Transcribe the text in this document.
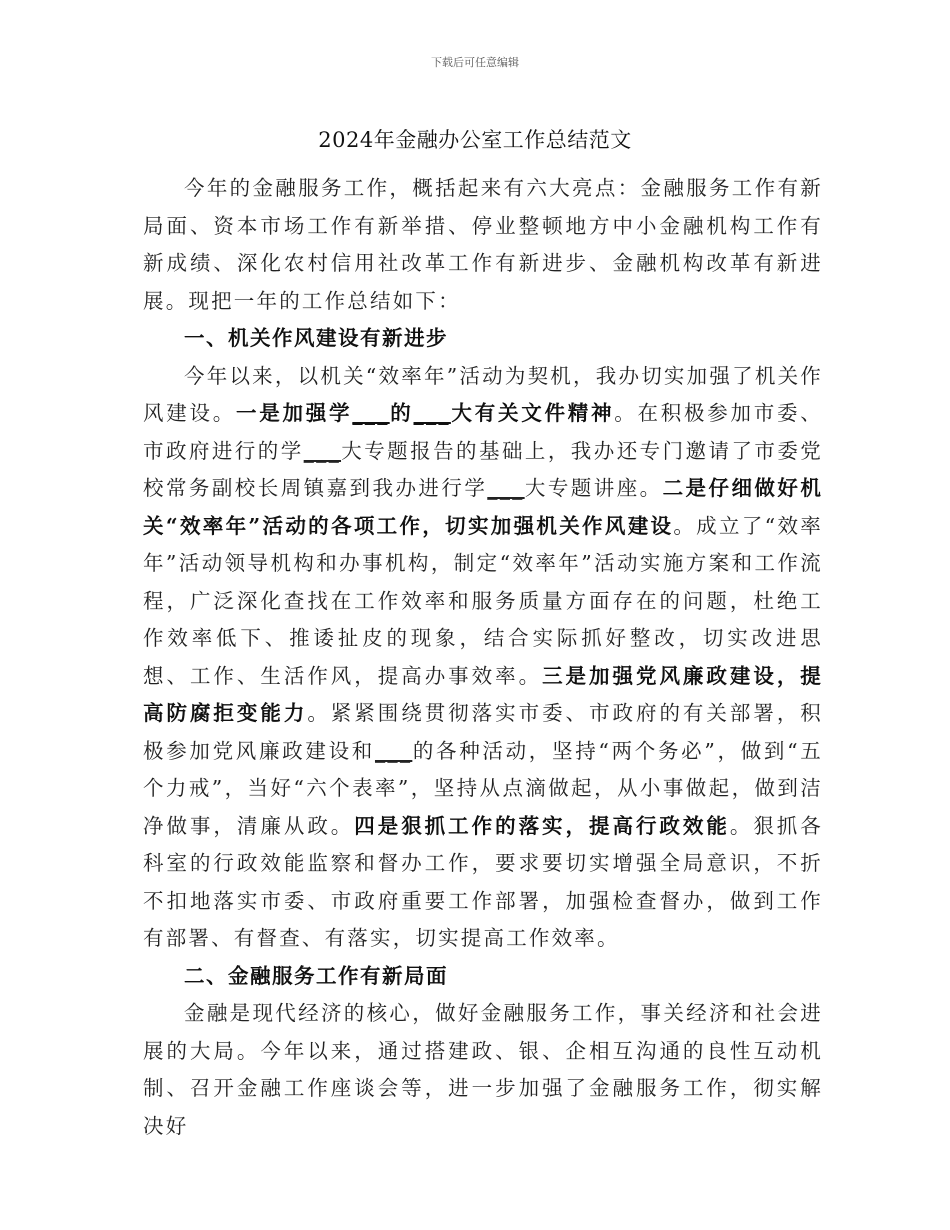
下载后可任意编辑
2024年金融办公室工作总结范文

今年的金融服务工作，概括起来有六大亮点：金融服务工作有新局面、资本市场工作有新举措、停业整顿地方中小金融机构工作有新成绩、深化农村信用社改革工作有新进步、金融机构改革有新进展。现把一年的工作总结如下：

一、机关作风建设有新进步

今年以来，以机关“效率年”活动为契机，我办切实加强了机关作风建设。一是加强学___的___大有关文件精神。在积极参加市委、市政府进行的学___大专题报告的基础上，我办还专门邀请了市委党校常务副校长周镇嘉到我办进行学___大专题讲座。二是仔细做好机关“效率年”活动的各项工作，切实加强机关作风建设。成立了“效率年”活动领导机构和办事机构，制定“效率年”活动实施方案和工作流程，广泛深化查找在工作效率和服务质量方面存在的问题，杜绝工作效率低下、推诿扯皮的现象，结合实际抓好整改，切实改进思想、工作、生活作风，提高办事效率。三是加强党风廉政建设，提高防腐拒变能力。紧紧围绕贯彻落实市委、市政府的有关部署，积极参加党风廉政建设和___的各种活动，坚持“两个务必”，做到“五个力戒”，当好“六个表率”，坚持从点滴做起，从小事做起，做到洁净做事，清廉从政。四是狠抓工作的落实，提高行政效能。狠抓各科室的行政效能监察和督办工作，要求要切实增强全局意识，不折不扣地落实市委、市政府重要工作部署，加强检查督办，做到工作有部署、有督查、有落实，切实提高工作效率。

二、金融服务工作有新局面

金融是现代经济的核心，做好金融服务工作，事关经济和社会进展的大局。今年以来，通过搭建政、银、企相互沟通的良性互动机制、召开金融工作座谈会等，进一步加强了金融服务工作，彻实解决好
